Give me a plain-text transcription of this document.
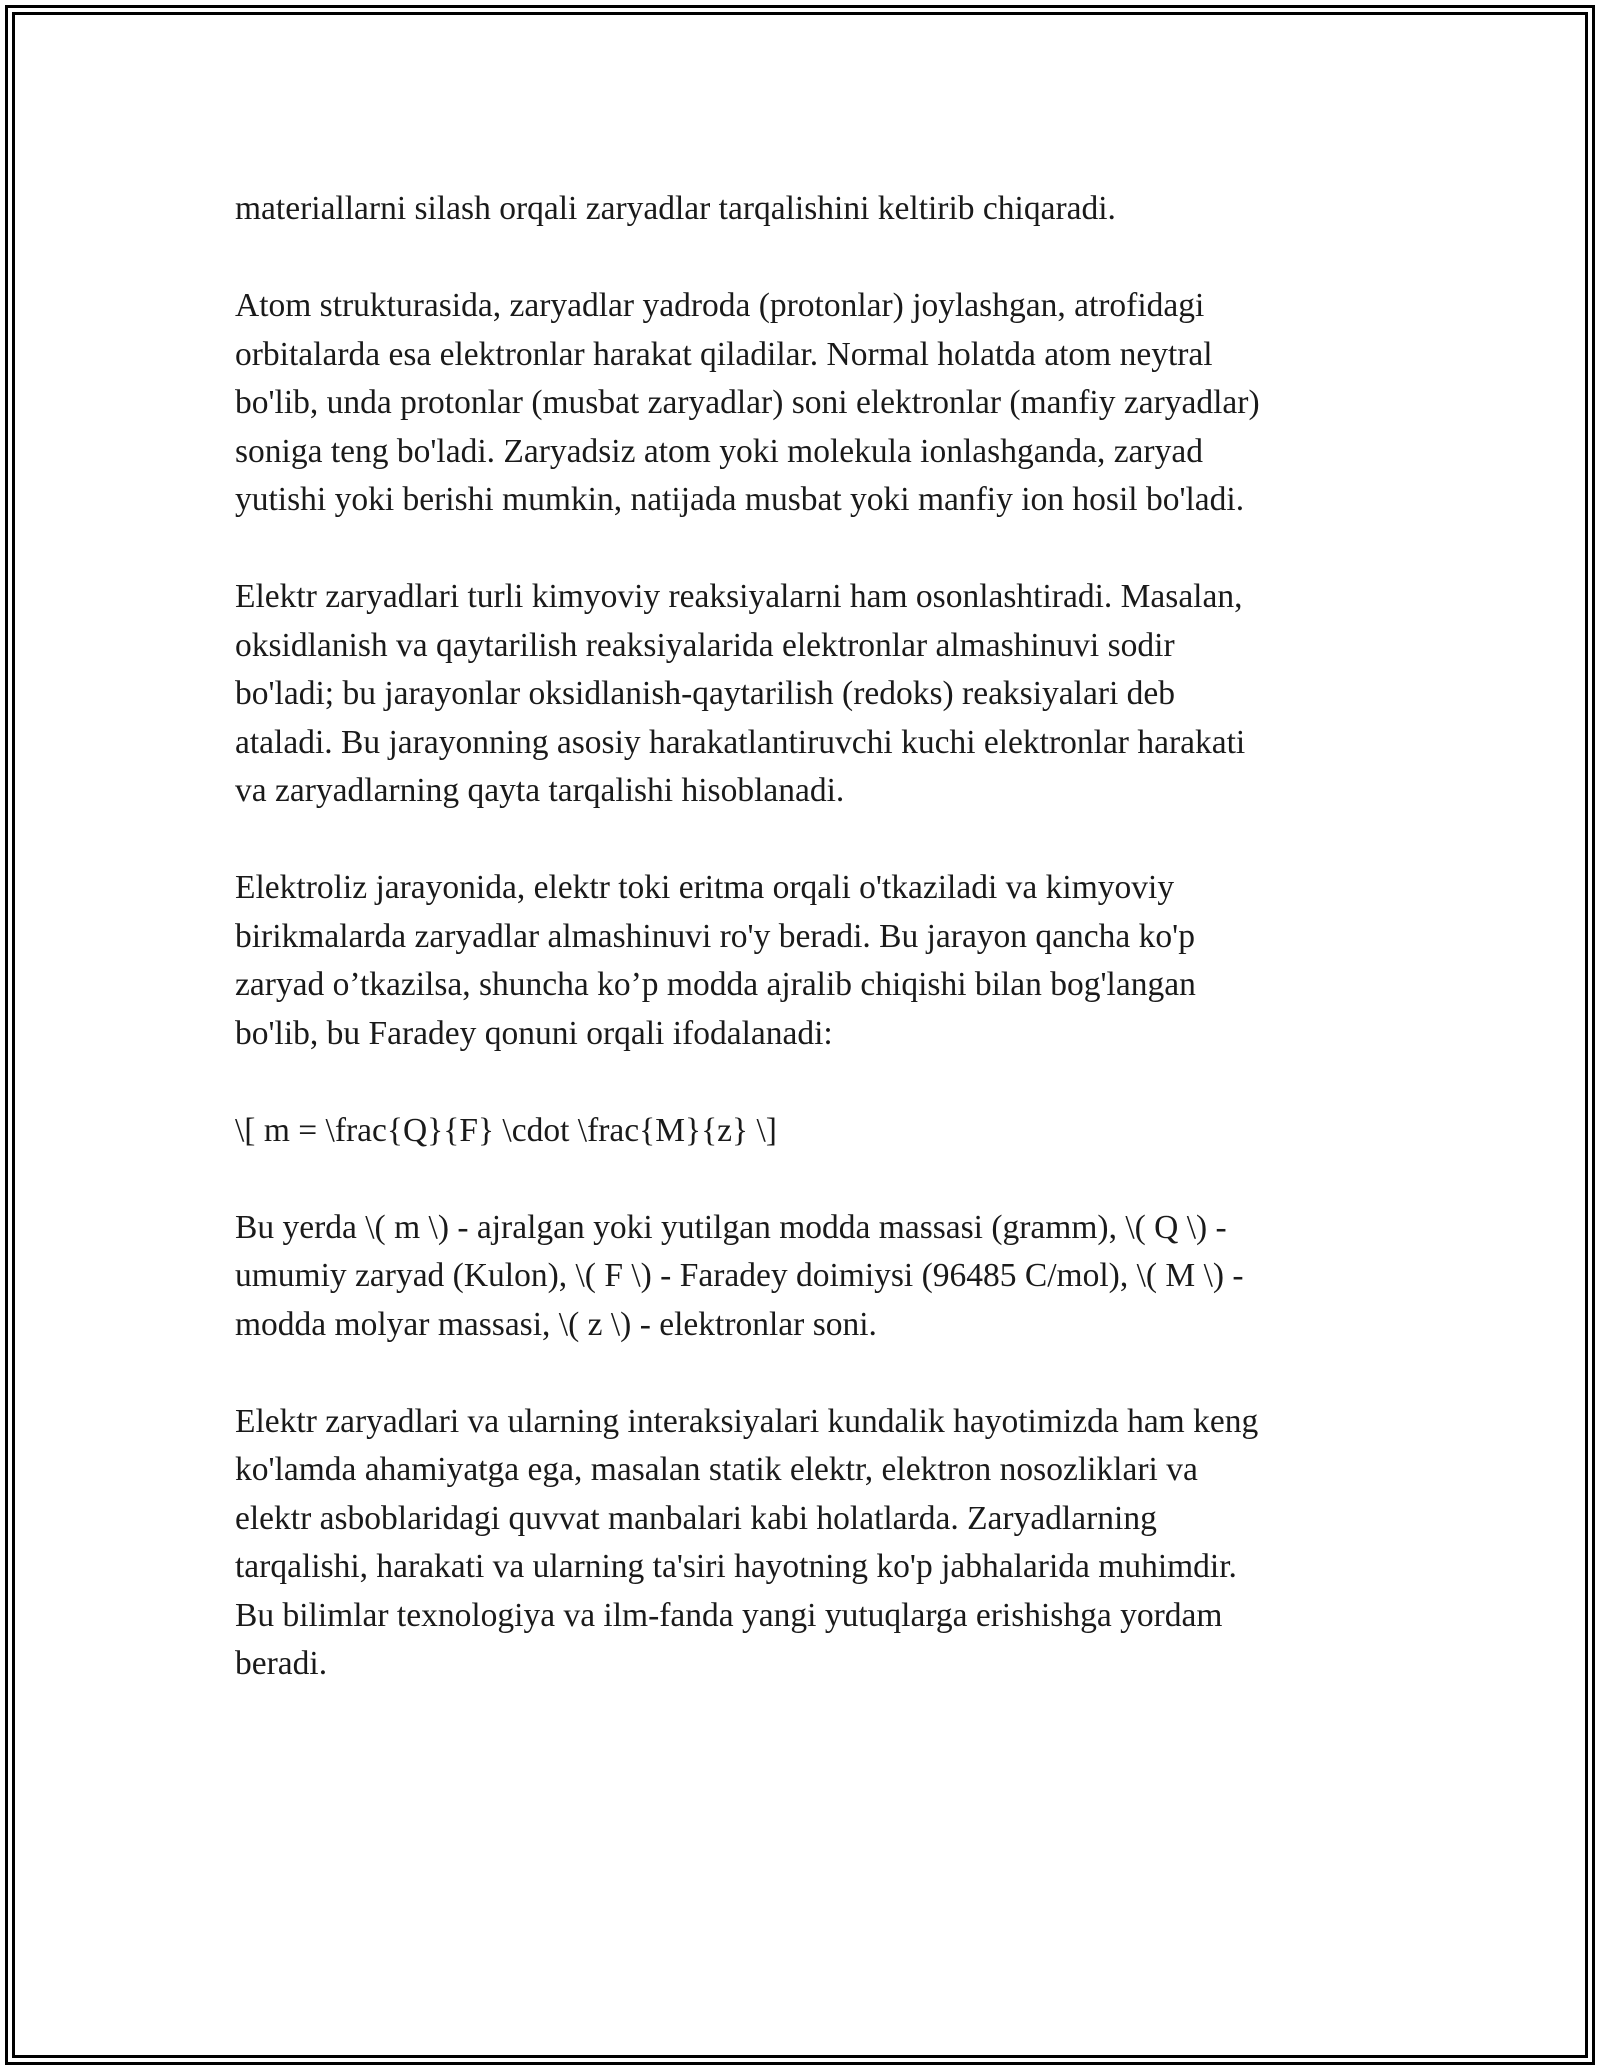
materiallarni silash orqali zaryadlar tarqalishini keltirib chiqaradi.

Atom strukturasida, zaryadlar yadroda (protonlar) joylashgan, atrofidagi
orbitalarda esa elektronlar harakat qiladilar. Normal holatda atom neytral
bo'lib, unda protonlar (musbat zaryadlar) soni elektronlar (manfiy zaryadlar)
soniga teng bo'ladi. Zaryadsiz atom yoki molekula ionlashganda, zaryad
yutishi yoki berishi mumkin, natijada musbat yoki manfiy ion hosil bo'ladi.

Elektr zaryadlari turli kimyoviy reaksiyalarni ham osonlashtiradi. Masalan,
oksidlanish va qaytarilish reaksiyalarida elektronlar almashinuvi sodir
bo'ladi; bu jarayonlar oksidlanish-qaytarilish (redoks) reaksiyalari deb
ataladi. Bu jarayonning asosiy harakatlantiruvchi kuchi elektronlar harakati
va zaryadlarning qayta tarqalishi hisoblanadi.

Elektroliz jarayonida, elektr toki eritma orqali o'tkaziladi va kimyoviy
birikmalarda zaryadlar almashinuvi ro'y beradi. Bu jarayon qancha ko'p
zaryad o’tkazilsa, shuncha ko’p modda ajralib chiqishi bilan bog'langan
bo'lib, bu Faradey qonuni orqali ifodalanadi:

\[ m = \frac{Q}{F} \cdot \frac{M}{z} \]

Bu yerda \( m \) - ajralgan yoki yutilgan modda massasi (gramm), \( Q \) -
umumiy zaryad (Kulon), \( F \) - Faradey doimiysi (96485 C/mol), \( M \) -
modda molyar massasi, \( z \) - elektronlar soni.

Elektr zaryadlari va ularning interaksiyalari kundalik hayotimizda ham keng
ko'lamda ahamiyatga ega, masalan statik elektr, elektron nosozliklari va
elektr asboblaridagi quvvat manbalari kabi holatlarda. Zaryadlarning
tarqalishi, harakati va ularning ta'siri hayotning ko'p jabhalarida muhimdir.
Bu bilimlar texnologiya va ilm-fanda yangi yutuqlarga erishishga yordam
beradi.
